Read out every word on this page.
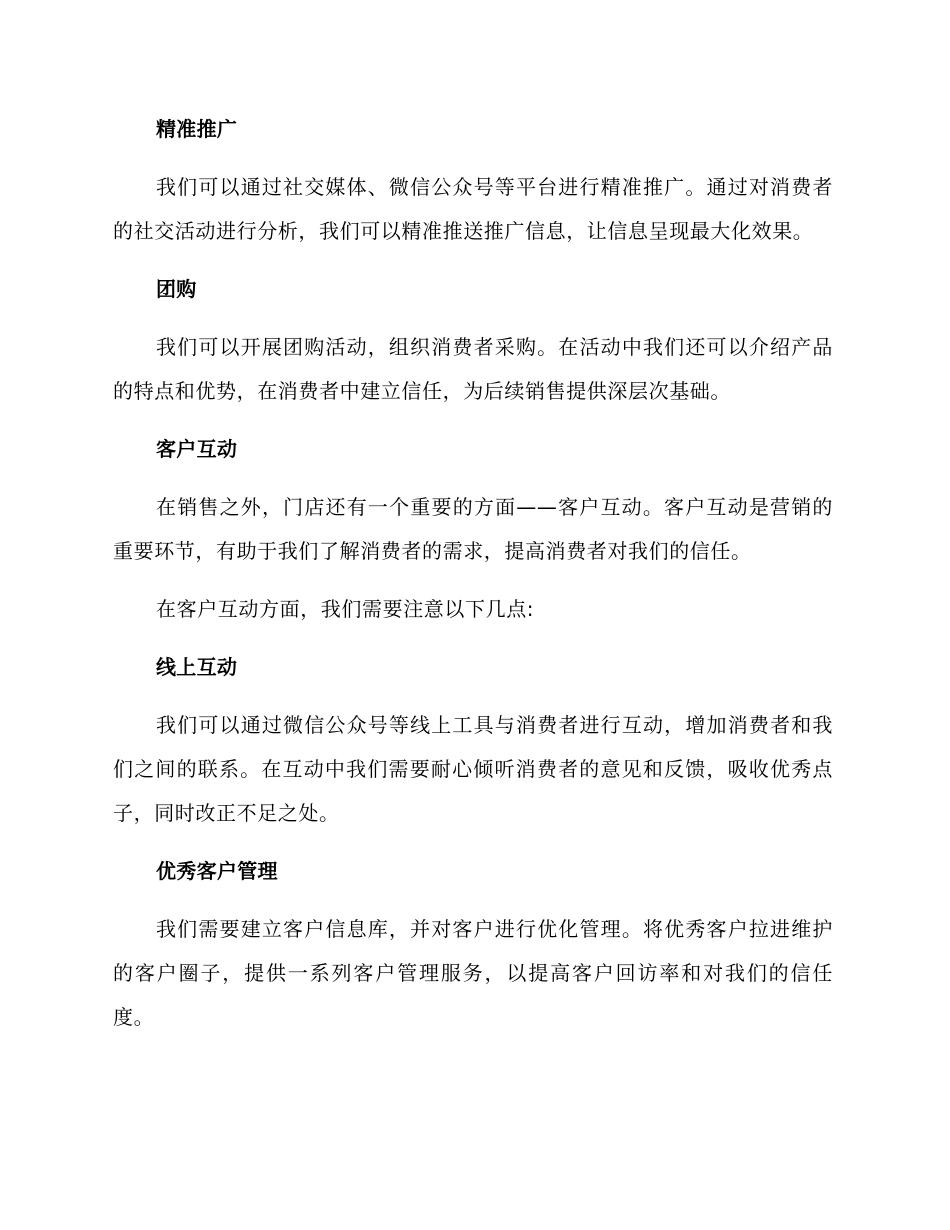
精准推广

我们可以通过社交媒体、微信公众号等平台进行精准推广。通过对消费者的社交活动进行分析，我们可以精准推送推广信息，让信息呈现最大化效果。

团购

我们可以开展团购活动，组织消费者采购。在活动中我们还可以介绍产品的特点和优势，在消费者中建立信任，为后续销售提供深层次基础。

客户互动

在销售之外，门店还有一个重要的方面——客户互动。客户互动是营销的重要环节，有助于我们了解消费者的需求，提高消费者对我们的信任。

在客户互动方面，我们需要注意以下几点:

线上互动

我们可以通过微信公众号等线上工具与消费者进行互动，增加消费者和我们之间的联系。在互动中我们需要耐心倾听消费者的意见和反馈，吸收优秀点子，同时改正不足之处。

优秀客户管理

我们需要建立客户信息库，并对客户进行优化管理。将优秀客户拉进维护的客户圈子，提供一系列客户管理服务，以提高客户回访率和对我们的信任度。
